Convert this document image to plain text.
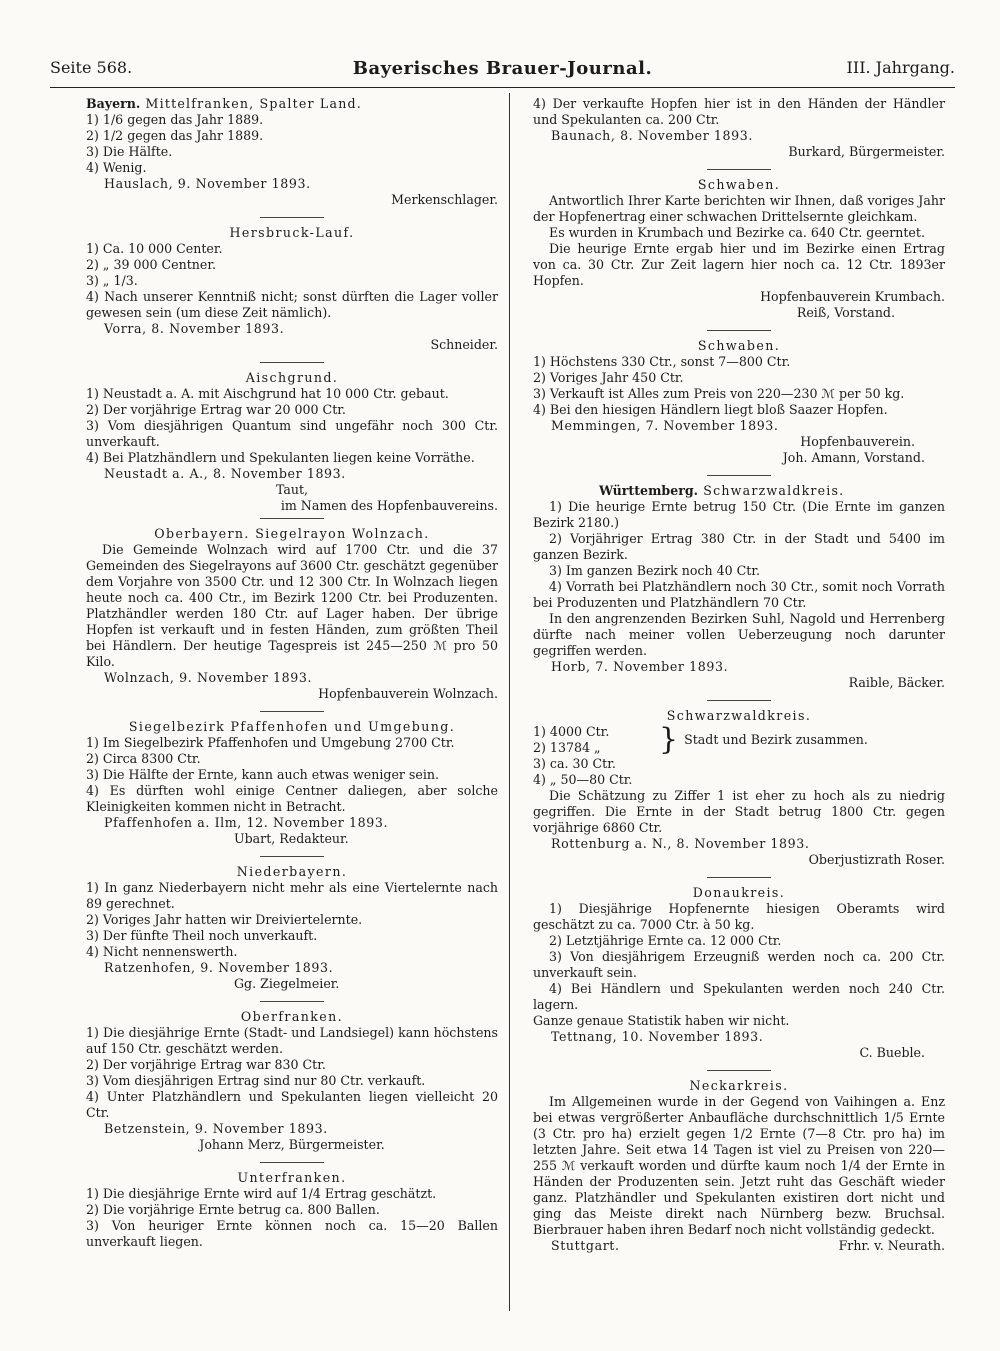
Seite 568.	Bayerisches Brauer-Journal.	III. Jahrgang.
Bayern. Mittelfranken, Spalter Land.
1) 1/6 gegen das Jahr 1889.
2) 1/2 gegen das Jahr 1889.
3) Die Hälfte.
4) Wenig.
Hauslach, 9. November 1893.
Merkenschlager.
Hersbruck-Lauf.
1) Ca. 10 000 Center.
2) „ 39 000 Centner.
3) „ 1/3.
4) Nach unserer Kenntniß nicht; sonst dürften die Lager voller gewesen sein (um diese Zeit nämlich).
Vorra, 8. November 1893.
Schneider.
Aischgrund.
1) Neustadt a. A. mit Aischgrund hat 10 000 Ctr. gebaut.
2) Der vorjährige Ertrag war 20 000 Ctr.
3) Vom diesjährigen Quantum sind ungefähr noch 300 Ctr. unverkauft.
4) Bei Platzhändlern und Spekulanten liegen keine Vorräthe.
Neustadt a. A., 8. November 1893.
Taut,
im Namen des Hopfenbauvereins.
Oberbayern. Siegelrayon Wolnzach.
Die Gemeinde Wolnzach wird auf 1700 Ctr. und die 37 Gemeinden des Siegelrayons auf 3600 Ctr. geschätzt gegenüber dem Vorjahre von 3500 Ctr. und 12 300 Ctr. In Wolnzach liegen heute noch ca. 400 Ctr., im Bezirk 1200 Ctr. bei Produzenten. Platzhändler werden 180 Ctr. auf Lager haben. Der übrige Hopfen ist verkauft und in festen Händen, zum größten Theil bei Händlern. Der heutige Tagespreis ist 245—250 ℳ pro 50 Kilo.
Wolnzach, 9. November 1893.
Hopfenbauverein Wolnzach.
Siegelbezirk Pfaffenhofen und Umgebung.
1) Im Siegelbezirk Pfaffenhofen und Umgebung 2700 Ctr.
2) Circa 8300 Ctr.
3) Die Hälfte der Ernte, kann auch etwas weniger sein.
4) Es dürften wohl einige Centner daliegen, aber solche Kleinigkeiten kommen nicht in Betracht.
Pfaffenhofen a. Ilm, 12. November 1893.
Ubart, Redakteur.
Niederbayern.
1) In ganz Niederbayern nicht mehr als eine Viertelernte nach 89 gerechnet.
2) Voriges Jahr hatten wir Dreiviertelernte.
3) Der fünfte Theil noch unverkauft.
4) Nicht nennenswerth.
Ratzenhofen, 9. November 1893.
Gg. Ziegelmeier.
Oberfranken.
1) Die diesjährige Ernte (Stadt- und Landsiegel) kann höchstens auf 150 Ctr. geschätzt werden.
2) Der vorjährige Ertrag war 830 Ctr.
3) Vom diesjährigen Ertrag sind nur 80 Ctr. verkauft.
4) Unter Platzhändlern und Spekulanten liegen vielleicht 20 Ctr.
Betzenstein, 9. November 1893.
Johann Merz, Bürgermeister.
Unterfranken.
1) Die diesjährige Ernte wird auf 1/4 Ertrag geschätzt.
2) Die vorjährige Ernte betrug ca. 800 Ballen.
3) Von heuriger Ernte können noch ca. 15—20 Ballen unverkauft liegen.
4) Der verkaufte Hopfen hier ist in den Händen der Händler und Spekulanten ca. 200 Ctr.
Baunach, 8. November 1893.
Burkard, Bürgermeister.
Schwaben.
Antwortlich Ihrer Karte berichten wir Ihnen, daß voriges Jahr der Hopfenertrag einer schwachen Drittelsernte gleichkam.
Es wurden in Krumbach und Bezirke ca. 640 Ctr. geerntet.
Die heurige Ernte ergab hier und im Bezirke einen Ertrag von ca. 30 Ctr. Zur Zeit lagern hier noch ca. 12 Ctr. 1893er Hopfen.
Hopfenbauverein Krumbach.
Reiß, Vorstand.
Schwaben.
1) Höchstens 330 Ctr., sonst 7—800 Ctr.
2) Voriges Jahr 450 Ctr.
3) Verkauft ist Alles zum Preis von 220—230 ℳ per 50 kg.
4) Bei den hiesigen Händlern liegt bloß Saazer Hopfen.
Memmingen, 7. November 1893.
Hopfenbauverein.
Joh. Amann, Vorstand.
Württemberg. Schwarzwaldkreis.
1) Die heurige Ernte betrug 150 Ctr. (Die Ernte im ganzen Bezirk 2180.)
2) Vorjähriger Ertrag 380 Ctr. in der Stadt und 5400 im ganzen Bezirk.
3) Im ganzen Bezirk noch 40 Ctr.
4) Vorrath bei Platzhändlern noch 30 Ctr., somit noch Vorrath bei Produzenten und Platzhändlern 70 Ctr.
In den angrenzenden Bezirken Suhl, Nagold und Herrenberg dürfte nach meiner vollen Ueberzeugung noch darunter gegriffen werden.
Horb, 7. November 1893.
Raible, Bäcker.
Schwarzwaldkreis.
1) 4000 Ctr.
2) 13784 „	} Stadt und Bezirk zusammen.
3) ca. 30 Ctr.
4) „ 50—80 Ctr.
Die Schätzung zu Ziffer 1 ist eher zu hoch als zu niedrig gegriffen. Die Ernte in der Stadt betrug 1800 Ctr. gegen vorjährige 6860 Ctr.
Rottenburg a. N., 8. November 1893.
Oberjustizrath Roser.
Donaukreis.
1) Diesjährige Hopfenernte hiesigen Oberamts wird geschätzt zu ca. 7000 Ctr. à 50 kg.
2) Letztjährige Ernte ca. 12 000 Ctr.
3) Von diesjährigem Erzeugniß werden noch ca. 200 Ctr. unverkauft sein.
4) Bei Händlern und Spekulanten werden noch 240 Ctr. lagern.
Ganze genaue Statistik haben wir nicht.
Tettnang, 10. November 1893.
C. Bueble.
Neckarkreis.
Im Allgemeinen wurde in der Gegend von Vaihingen a. Enz bei etwas vergrößerter Anbaufläche durchschnittlich 1/5 Ernte (3 Ctr. pro ha) erzielt gegen 1/2 Ernte (7—8 Ctr. pro ha) im letzten Jahre. Seit etwa 14 Tagen ist viel zu Preisen von 220—255 ℳ verkauft worden und dürfte kaum noch 1/4 der Ernte in Händen der Produzenten sein. Jetzt ruht das Geschäft wieder ganz. Platzhändler und Spekulanten existiren dort nicht und ging das Meiste direkt nach Nürnberg bezw. Bruchsal. Bierbrauer haben ihren Bedarf noch nicht vollständig gedeckt.
Stuttgart.	Frhr. v. Neurath.
